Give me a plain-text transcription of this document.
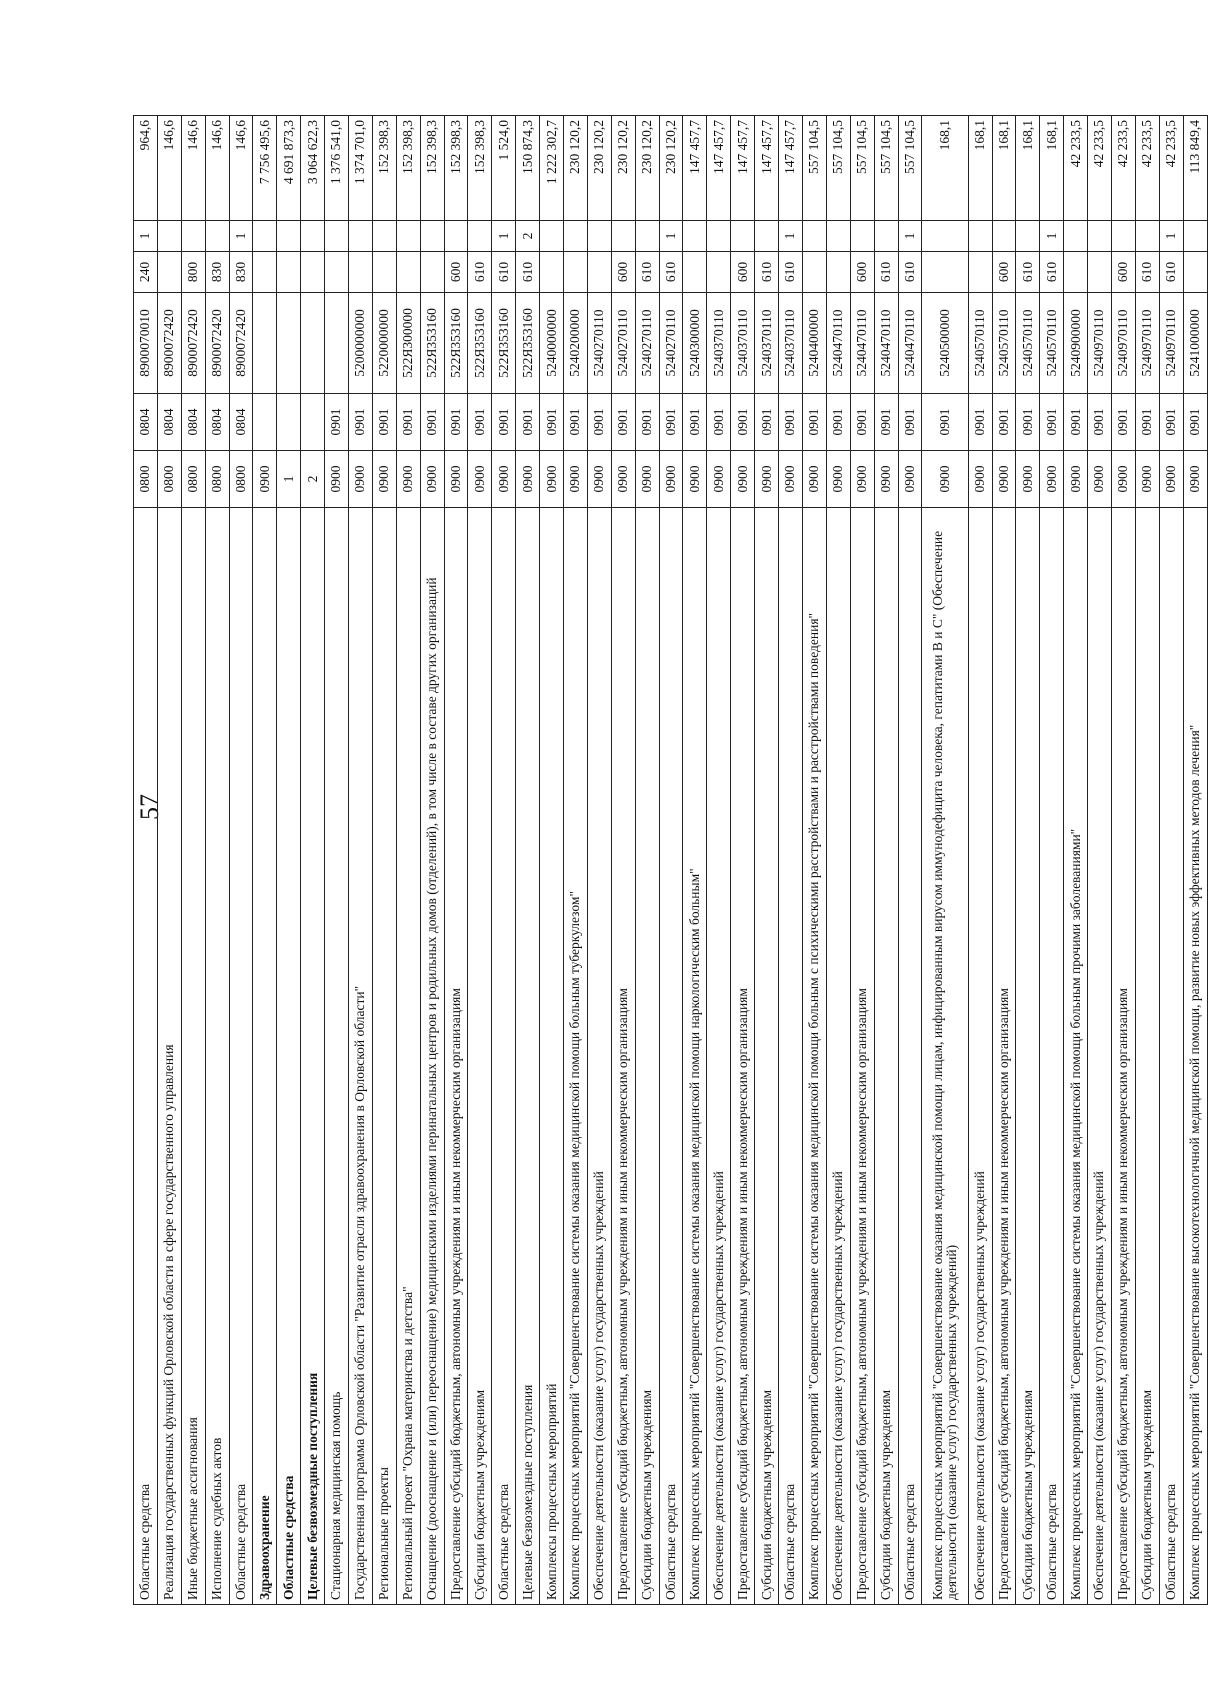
57
Областные средства	0800	0804	8900070010	240	1	964,6
Реализация государственных функций Орловской области в сфере государственного управления	0800	0804	8900072420			146,6
Иные бюджетные ассигнования	0800	0804	8900072420	800		146,6
Исполнение судебных актов	0800	0804	8900072420	830		146,6
Областные средства	0800	0804	8900072420	830	1	146,6
Здравоохранение	0900					7 756 495,6
Областные средства	1					4 691 873,3
Целевые безвозмездные поступления	2					3 064 622,3
Стационарная медицинская помощь	0900	0901				1 376 541,0
Государственная программа Орловской области "Развитие отрасли здравоохранения в Орловской области"	0900	0901	5200000000			1 374 701,0
Региональные проекты	0900	0901	5220000000			152 398,3
Региональный проект "Охрана материнства и детства"	0900	0901	522Я300000			152 398,3
Оснащение (дооснащение и (или) переоснащение) медицинскими изделиями перинатальных центров и родильных домов (отделений), в том числе в составе других организаций	0900	0901	522Я353160			152 398,3
Предоставление субсидий бюджетным, автономным учреждениям и иным некоммерческим организациям	0900	0901	522Я353160	600		152 398,3
Субсидии бюджетным учреждениям	0900	0901	522Я353160	610		152 398,3
Областные средства	0900	0901	522Я353160	610	1	1 524,0
Целевые безвозмездные поступления	0900	0901	522Я353160	610	2	150 874,3
Комплексы процессных мероприятий	0900	0901	5240000000			1 222 302,7
Комплекс процессных мероприятий "Совершенствование системы оказания медицинской помощи больным туберкулезом"	0900	0901	5240200000			230 120,2
Обеспечение деятельности (оказание услуг) государственных учреждений	0900	0901	5240270110			230 120,2
Предоставление субсидий бюджетным, автономным учреждениям и иным некоммерческим организациям	0900	0901	5240270110	600		230 120,2
Субсидии бюджетным учреждениям	0900	0901	5240270110	610		230 120,2
Областные средства	0900	0901	5240270110	610	1	230 120,2
Комплекс процессных мероприятий "Совершенствование системы оказания медицинской помощи наркологическим больным"	0900	0901	5240300000			147 457,7
Обеспечение деятельности (оказание услуг) государственных учреждений	0900	0901	5240370110			147 457,7
Предоставление субсидий бюджетным, автономным учреждениям и иным некоммерческим организациям	0900	0901	5240370110	600		147 457,7
Субсидии бюджетным учреждениям	0900	0901	5240370110	610		147 457,7
Областные средства	0900	0901	5240370110	610	1	147 457,7
Комплекс процессных мероприятий "Совершенствование системы оказания медицинской помощи больным с психическими расстройствами и расстройствами поведения"	0900	0901	5240400000			557 104,5
Обеспечение деятельности (оказание услуг) государственных учреждений	0900	0901	5240470110			557 104,5
Предоставление субсидий бюджетным, автономным учреждениям и иным некоммерческим организациям	0900	0901	5240470110	600		557 104,5
Субсидии бюджетным учреждениям	0900	0901	5240470110	610		557 104,5
Областные средства	0900	0901	5240470110	610	1	557 104,5
Комплекс процессных мероприятий "Совершенствование оказания медицинской помощи лицам, инфицированным вирусом иммунодефицита человека, гепатитами В и С" (Обеспечение деятельности (оказание услуг) государственных учреждений)	0900	0901	5240500000			168,1
Обеспечение деятельности (оказание услуг) государственных учреждений	0900	0901	5240570110			168,1
Предоставление субсидий бюджетным, автономным учреждениям и иным некоммерческим организациям	0900	0901	5240570110	600		168,1
Субсидии бюджетным учреждениям	0900	0901	5240570110	610		168,1
Областные средства	0900	0901	5240570110	610	1	168,1
Комплекс процессных мероприятий "Совершенствование системы оказания медицинской помощи больным прочими заболеваниями"	0900	0901	5240900000			42 233,5
Обеспечение деятельности (оказание услуг) государственных учреждений	0900	0901	5240970110			42 233,5
Предоставление субсидий бюджетным, автономным учреждениям и иным некоммерческим организациям	0900	0901	5240970110	600		42 233,5
Субсидии бюджетным учреждениям	0900	0901	5240970110	610		42 233,5
Областные средства	0900	0901	5240970110	610	1	42 233,5
Комплекс процессных мероприятий "Совершенствование высокотехнологичной медицинской помощи, развитие новых эффективных методов лечения"	0900	0901	5241000000			113 849,4
